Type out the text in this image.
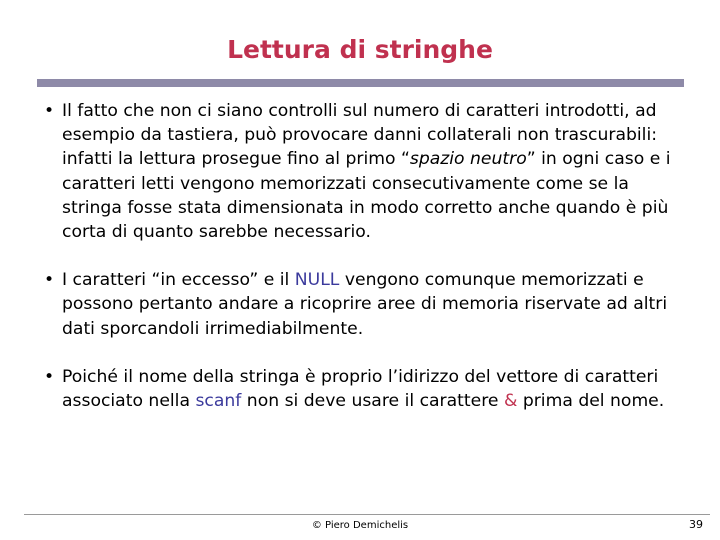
Lettura di stringhe
• Il fatto che non ci siano controlli sul numero di caratteri introdotti, ad esempio da tastiera, può provocare danni collaterali non trascurabili: infatti la lettura prosegue fino al primo “spazio neutro” in ogni caso e i caratteri letti vengono memorizzati consecutivamente come se la stringa fosse stata dimensionata in modo corretto anche quando è più corta di quanto sarebbe necessario.
• I caratteri “in eccesso” e il NULL vengono comunque memorizzati e possono pertanto andare a ricoprire aree di memoria riservate ad altri dati sporcandoli irrimediabilmente.
• Poiché il nome della stringa è proprio l’idirizzo del vettore di caratteri associato nella scanf non si deve usare il carattere & prima del nome.
© Piero Demichelis	39
